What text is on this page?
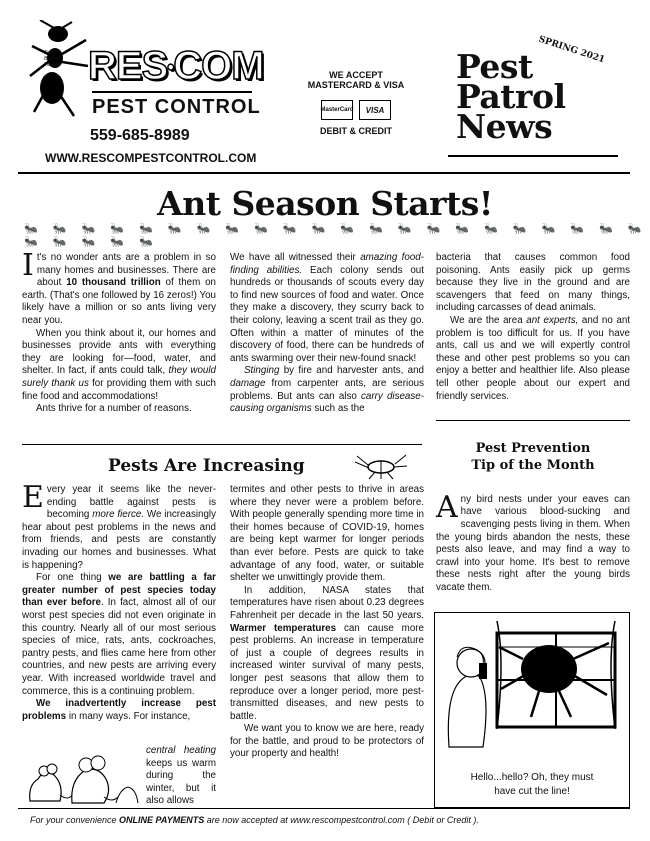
Taylor
Brothers
Inc dba RES•COM
PEST CONTROL
559-685-8989
WWW.RESCOMPESTCONTROL.COM
WE ACCEPT
MASTERCARD & VISA
MasterCard	VISA
DEBIT & CREDIT
SPRING 2021
Pest
Patrol
News
Ant Season Starts!
🐜 🐜 🐜 🐜 🐜 🐜 🐜 🐜 🐜 🐜 🐜 🐜 🐜 🐜 🐜 🐜 🐜 🐜 🐜 🐜 🐜 🐜 🐜 🐜 🐜 🐜 🐜

It's no wonder ants are a problem in so many homes and businesses. There are about 10 thousand trillion of them on earth. (That's one followed by 16 zeros!) You likely have a million or so ants living very near you.

When you think about it, our homes and businesses provide ants with everything they are looking for—food, water, and shelter. In fact, if ants could talk, they would surely thank us for providing them with such fine food and accommodations!

Ants thrive for a number of reasons.

We have all witnessed their amazing food-finding abilities. Each colony sends out hundreds or thousands of scouts every day to find new sources of food and water. Once they make a discovery, they scurry back to their colony, leaving a scent trail as they go. Often within a matter of minutes of the discovery of food, there can be hundreds of ants swarming over their new-found snack!

Stinging by fire and harvester ants, and damage from carpenter ants, are serious problems. But ants can also carry disease-causing organisms such as the

bacteria that causes common food poisoning. Ants easily pick up germs because they live in the ground and are scavengers that feed on many things, including carcasses of dead animals.

We are the area ant experts, and no ant problem is too difficult for us. If you have ants, call us and we will expertly control these and other pest problems so you can enjoy a better and healthier life. Also please tell other people about our expert and friendly services.

Pests Are Increasing

Every year it seems like the never-ending battle against pests is becoming more fierce. We increasingly hear about pest problems in the news and from friends, and pests are constantly invading our homes and businesses. What is happening?

For one thing we are battling a far greater number of pest species today than ever before. In fact, almost all of our worst pest species did not even originate in this country. Nearly all of our most serious species of mice, rats, ants, cockroaches, pantry pests, and flies came here from other countries, and new pests are arriving every year. With increased worldwide travel and commerce, this is a continuing problem.

We inadvertently increase pest problems in many ways. For instance,

central heating keeps us warm during the winter, but it also allows

termites and other pests to thrive in areas where they never were a problem before. With people generally spending more time in their homes because of COVID-19, homes are being kept warmer for longer periods than ever before. Pests are quick to take advantage of any food, water, or suitable shelter we unwittingly provide them.

In addition, NASA states that temperatures have risen about 0.23 degrees Fahrenheit per decade in the last 50 years. Warmer temperatures can cause more pest problems. An increase in temperature of just a couple of degrees results in increased winter survival of many pests, longer pest seasons that allow them to reproduce over a longer period, more pest-transmitted diseases, and new pests to battle.

We want you to know we are here, ready for the battle, and proud to be protectors of your property and health!

Pest Prevention
Tip of the Month

Any bird nests under your eaves can have various blood-sucking and scavenging pests living in them. When the young birds abandon the nests, these pests also leave, and may find a way to crawl into your home. It's best to remove these nests right after the young birds vacate them.

Hello...hello? Oh, they must
have cut the line!
For your convenience ONLINE PAYMENTS are now accepted at www.rescompestcontrol.com ( Debit or Credit ).
